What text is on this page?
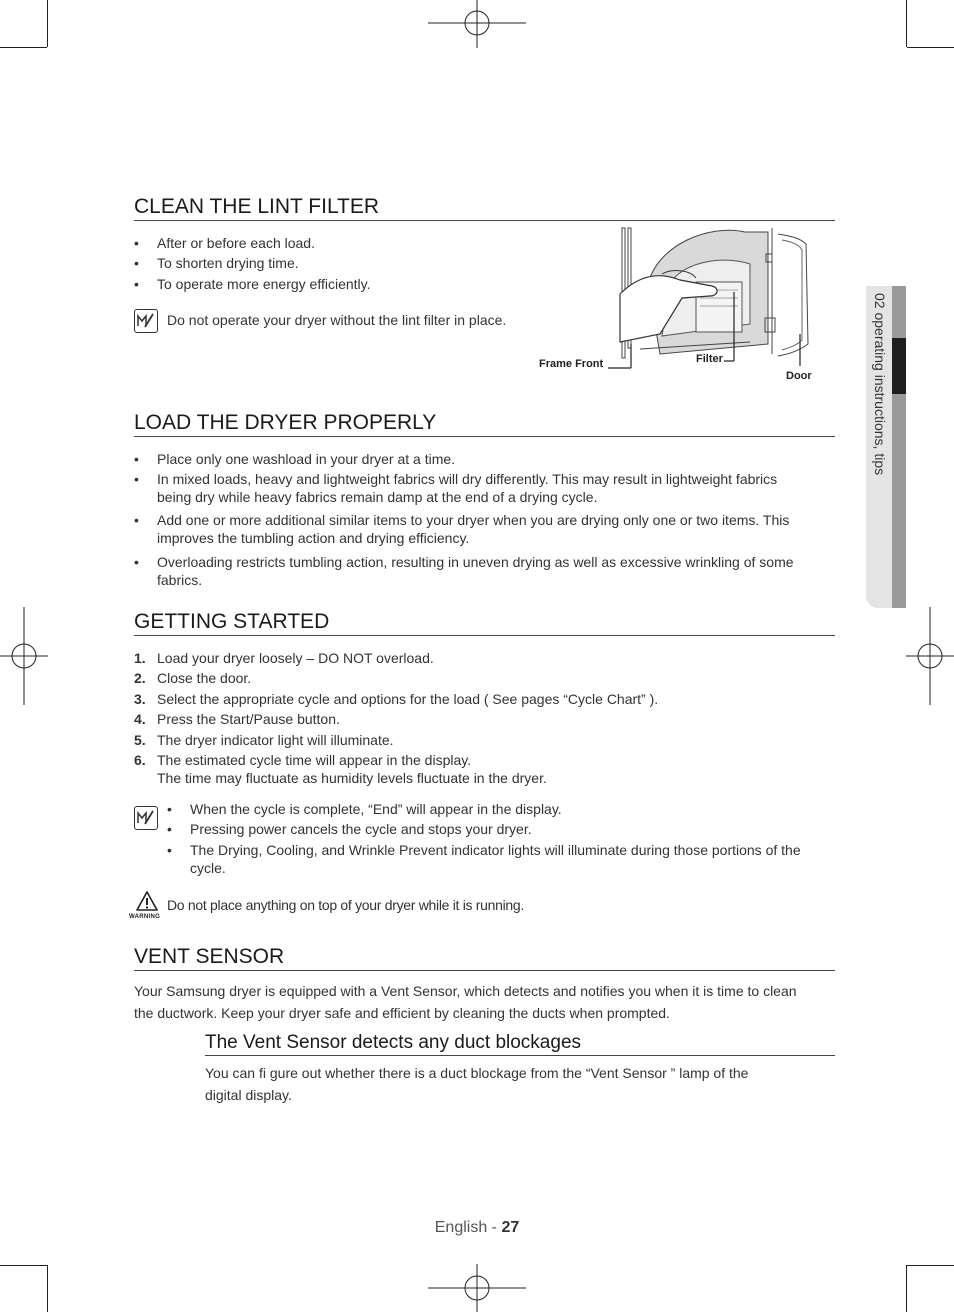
02 operating instructions, tips
CLEAN THE LINT FILTER
• After or before each load.
• To shorten drying time.
• To operate more energy efficiently.
Do not operate your dryer without the lint filter in place.
Frame Front	Filter
Door
LOAD THE DRYER PROPERLY
• Place only one washload in your dryer at a time.
• In mixed loads, heavy and lightweight fabrics will dry differently. This may result in lightweight fabrics
being dry while heavy fabrics remain damp at the end of a drying cycle.
• Add one or more additional similar items to your dryer when you are drying only one or two items. This
improves the tumbling action and drying efficiency.
• Overloading restricts tumbling action, resulting in uneven drying as well as excessive wrinkling of some
fabrics.
GETTING STARTED
1. Load your dryer loosely – DO NOT overload.
2. Close the door.
3. Select the appropriate cycle and options for the load ( See pages “Cycle Chart” ).
4. Press the Start/Pause button.
5. The dryer indicator light will illuminate.
6. The estimated cycle time will appear in the display.
The time may fluctuate as humidity levels fluctuate in the dryer.
• When the cycle is complete, “End” will appear in the display.
• Pressing power cancels the cycle and stops your dryer.
• The Drying, Cooling, and Wrinkle Prevent indicator lights will illuminate during those portions of the
cycle.
WARNING
Do not place anything on top of your dryer while it is running.
VENT SENSOR
Your Samsung dryer is equipped with a Vent Sensor, which detects and notifies you when it is time to clean
the ductwork. Keep your dryer safe and efficient by cleaning the ducts when prompted.
The Vent Sensor detects any duct blockages
You can fi gure out whether there is a duct blockage from the “Vent Sensor ” lamp of the
digital display.
English - 27
